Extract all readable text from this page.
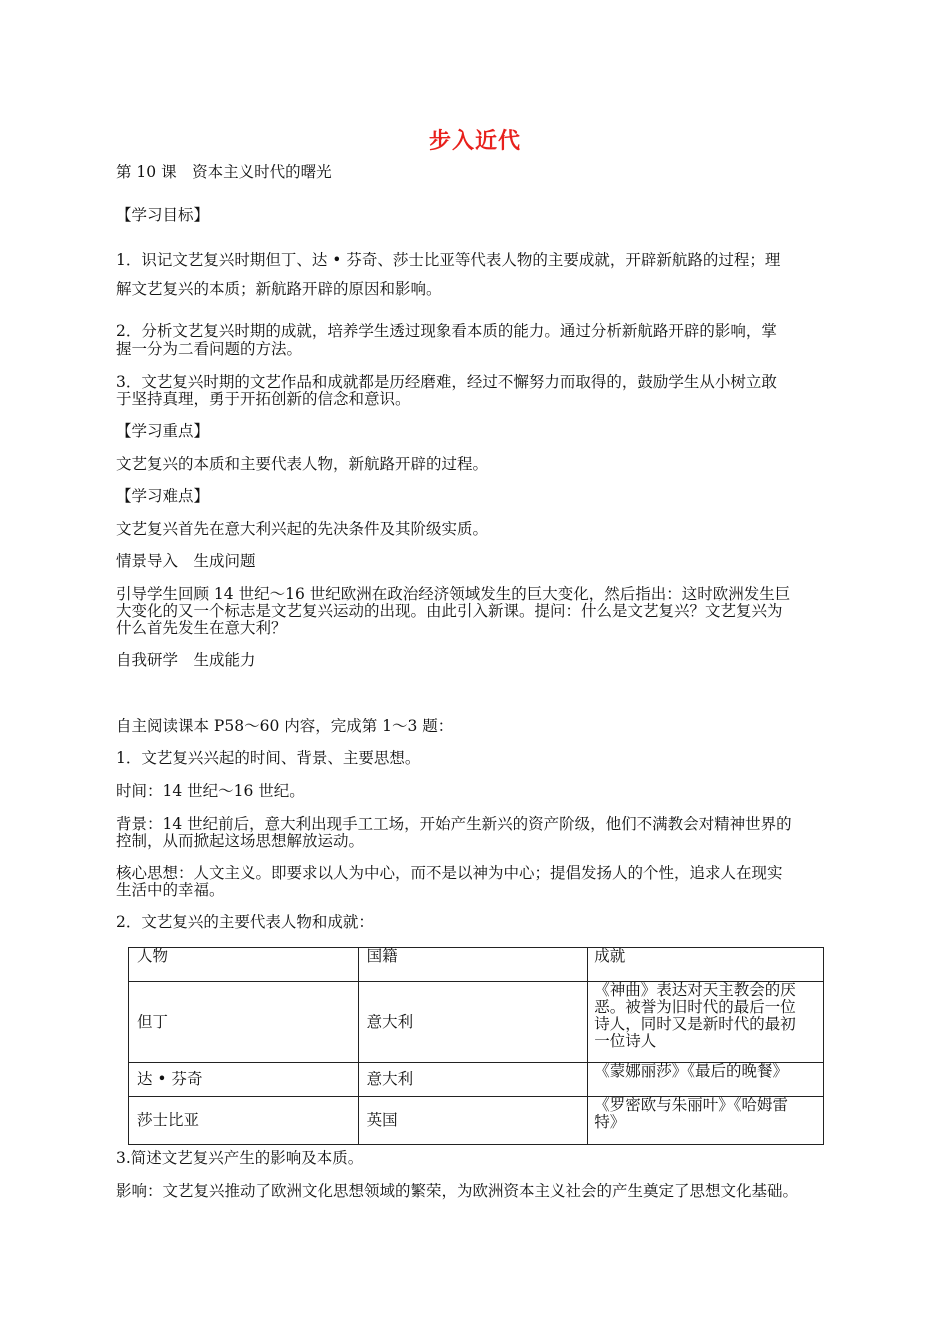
步入近代
第 10 课　资本主义时代的曙光
【学习目标】
1．识记文艺复兴时期但丁、达 • 芬奇、莎士比亚等代表人物的主要成就，开辟新航路的过程；理
解文艺复兴的本质；新航路开辟的原因和影响。
2．分析文艺复兴时期的成就，培养学生透过现象看本质的能力。通过分析新航路开辟的影响，掌
握一分为二看问题的方法。
3．文艺复兴时期的文艺作品和成就都是历经磨难，经过不懈努力而取得的，鼓励学生从小树立敢
于坚持真理，勇于开拓创新的信念和意识。
【学习重点】
文艺复兴的本质和主要代表人物，新航路开辟的过程。
【学习难点】
文艺复兴首先在意大利兴起的先决条件及其阶级实质。
情景导入　生成问题
引导学生回顾 14 世纪～16 世纪欧洲在政治经济领域发生的巨大变化，然后指出：这时欧洲发生巨
大变化的又一个标志是文艺复兴运动的出现。由此引入新课。提问：什么是文艺复兴？文艺复兴为
什么首先发生在意大利？
自我研学　生成能力
自主阅读课本 P58～60 内容，完成第 1～3 题：
1．文艺复兴兴起的时间、背景、主要思想。
时间：14 世纪～16 世纪。
背景：14 世纪前后，意大利出现手工工场，开始产生新兴的资产阶级，他们不满教会对精神世界的
控制，从而掀起这场思想解放运动。
核心思想：人文主义。即要求以人为中心，而不是以神为中心；提倡发扬人的个性，追求人在现实
生活中的幸福。
2．文艺复兴的主要代表人物和成就：
人物	国籍	成就
但丁	意大利	《神曲》表达对天主教会的厌
恶。被誉为旧时代的最后一位
诗人，同时又是新时代的最初
一位诗人

达 • 芬奇	意大利	《蒙娜丽莎》《最后的晚餐》

莎士比亚	英国	《罗密欧与朱丽叶》《哈姆雷
特》
3.简述文艺复兴产生的影响及本质。
影响：文艺复兴推动了欧洲文化思想领域的繁荣，为欧洲资本主义社会的产生奠定了思想文化基础。
